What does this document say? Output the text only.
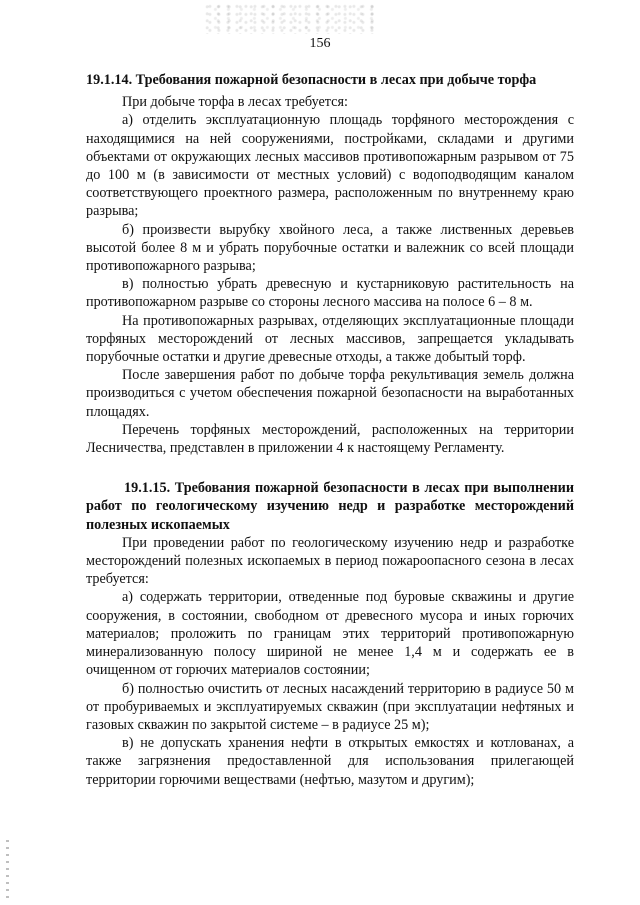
156

19.1.14. Требования пожарной безопасности в лесах при добыче торфа

При добыче торфа в лесах требуется:

а) отделить эксплуатационную площадь торфяного месторождения с находящимися на ней сооружениями, постройками, складами и другими объектами от окружающих лесных массивов противопожарным разрывом от 75 до 100 м (в зависимости от местных условий) с водоподводящим каналом соответствующего проектного размера, расположенным по внутреннему краю разрыва;

б) произвести вырубку хвойного леса, а также лиственных деревьев высотой более 8 м и убрать порубочные остатки и валежник со всей площади противопожарного разрыва;

в) полностью убрать древесную и кустарниковую растительность на противопожарном разрыве со стороны лесного массива на полосе 6 – 8 м.

На противопожарных разрывах, отделяющих эксплуатационные площади торфяных месторождений от лесных массивов, запрещается укладывать порубочные остатки и другие древесные отходы, а также добытый торф.

После завершения работ по добыче торфа рекультивация земель должна производиться с учетом обеспечения пожарной безопасности на выработанных площадях.

Перечень торфяных месторождений, расположенных на территории Лесничества, представлен в приложении 4 к настоящему Регламенту.

19.1.15. Требования пожарной безопасности в лесах при выполнении работ по геологическому изучению недр и разработке месторождений полезных ископаемых

При проведении работ по геологическому изучению недр и разработке месторождений полезных ископаемых в период пожароопасного сезона в лесах требуется:

а) содержать территории, отведенные под буровые скважины и другие сооружения, в состоянии, свободном от древесного мусора и иных горючих материалов; проложить по границам этих территорий противопожарную минерализованную полосу шириной не менее 1,4 м и содержать ее в очищенном от горючих материалов состоянии;

б) полностью очистить от лесных насаждений территорию в радиусе 50 м от пробуриваемых и эксплуатируемых скважин (при эксплуатации нефтяных и газовых скважин по закрытой системе – в радиусе 25 м);

в) не допускать хранения нефти в открытых емкостях и котлованах, а также загрязнения предоставленной для использования прилегающей территории горючими веществами (нефтью, мазутом и другим);
